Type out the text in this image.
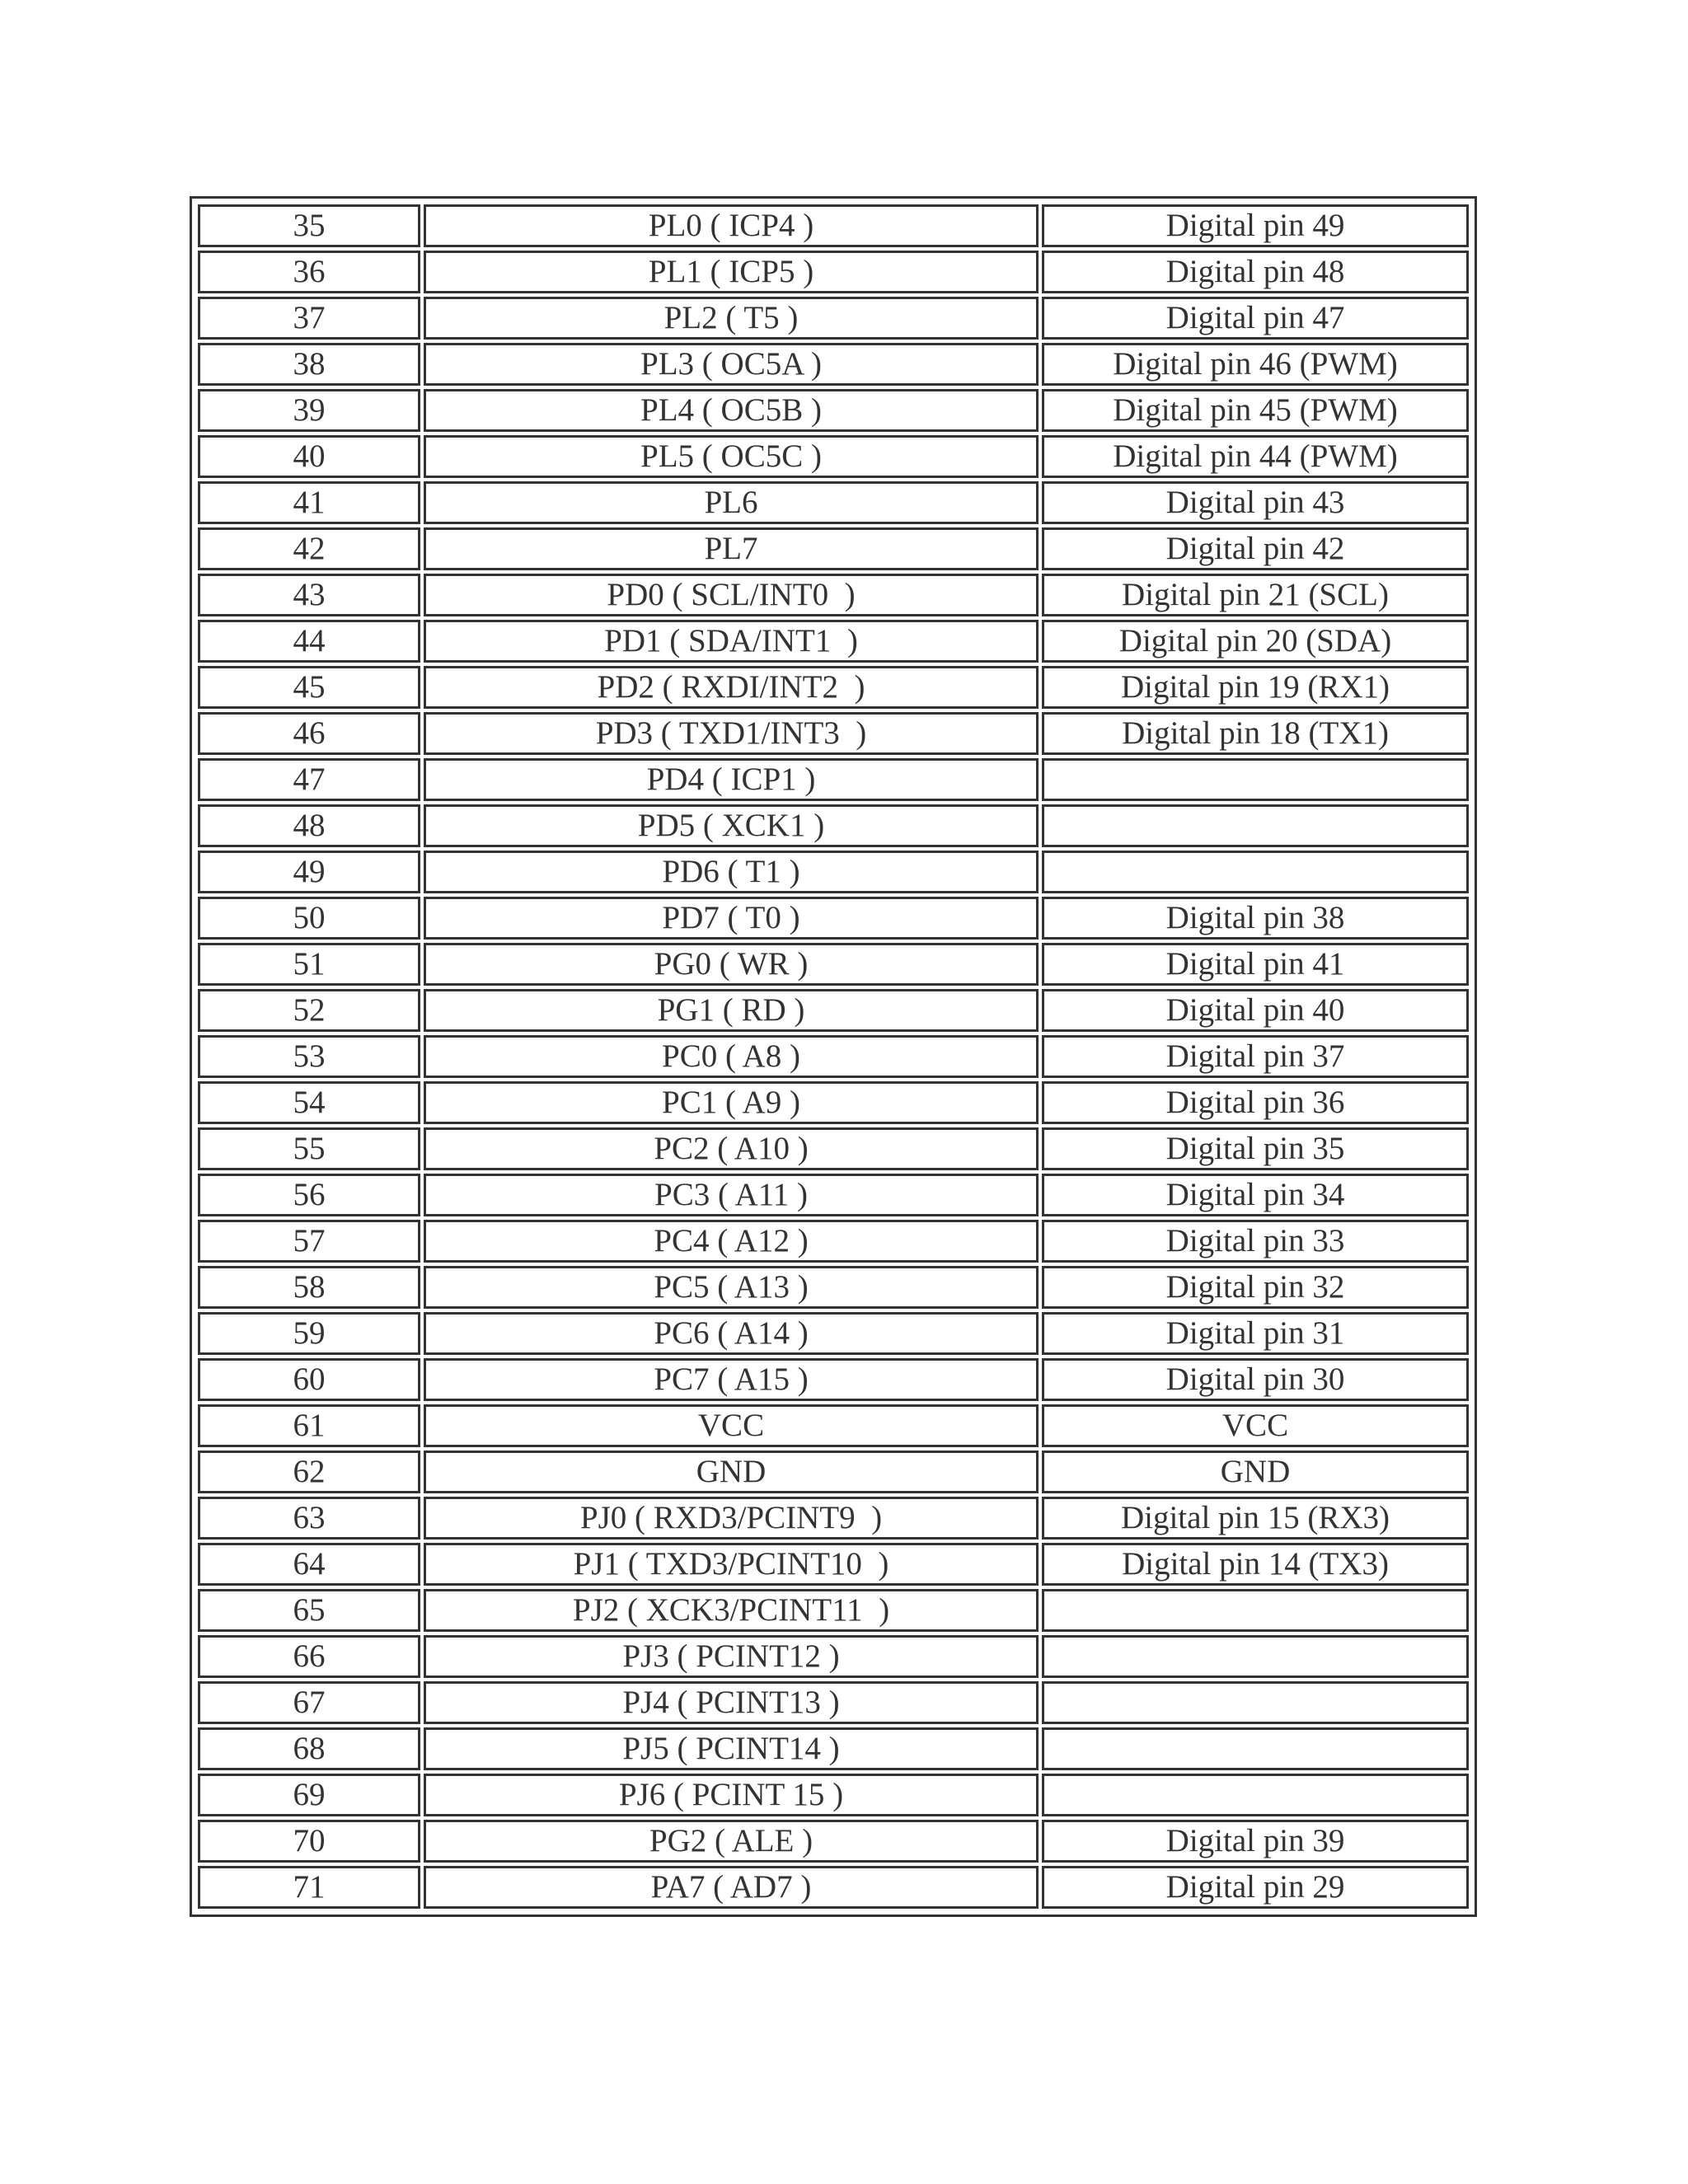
35	PL0 ( ICP4 )	Digital pin 49
36	PL1 ( ICP5 )	Digital pin 48
37	PL2 ( T5 )	Digital pin 47
38	PL3 ( OC5A )	Digital pin 46 (PWM)
39	PL4 ( OC5B )	Digital pin 45 (PWM)
40	PL5 ( OC5C )	Digital pin 44 (PWM)
41	PL6	Digital pin 43
42	PL7	Digital pin 42
43	PD0 ( SCL/INT0  )	Digital pin 21 (SCL)
44	PD1 ( SDA/INT1  )	Digital pin 20 (SDA)
45	PD2 ( RXDI/INT2  )	Digital pin 19 (RX1)
46	PD3 ( TXD1/INT3  )	Digital pin 18 (TX1)
47	PD4 ( ICP1 )	
48	PD5 ( XCK1 )	
49	PD6 ( T1 )	
50	PD7 ( T0 )	Digital pin 38
51	PG0 ( WR )	Digital pin 41
52	PG1 ( RD )	Digital pin 40
53	PC0 ( A8 )	Digital pin 37
54	PC1 ( A9 )	Digital pin 36
55	PC2 ( A10 )	Digital pin 35
56	PC3 ( A11 )	Digital pin 34
57	PC4 ( A12 )	Digital pin 33
58	PC5 ( A13 )	Digital pin 32
59	PC6 ( A14 )	Digital pin 31
60	PC7 ( A15 )	Digital pin 30
61	VCC	VCC
62	GND	GND
63	PJ0 ( RXD3/PCINT9  )	Digital pin 15 (RX3)
64	PJ1 ( TXD3/PCINT10  )	Digital pin 14 (TX3)
65	PJ2 ( XCK3/PCINT11  )	
66	PJ3 ( PCINT12 )	
67	PJ4 ( PCINT13 )	
68	PJ5 ( PCINT14 )	
69	PJ6 ( PCINT 15 )	
70	PG2 ( ALE )	Digital pin 39
71	PA7 ( AD7 )	Digital pin 29
